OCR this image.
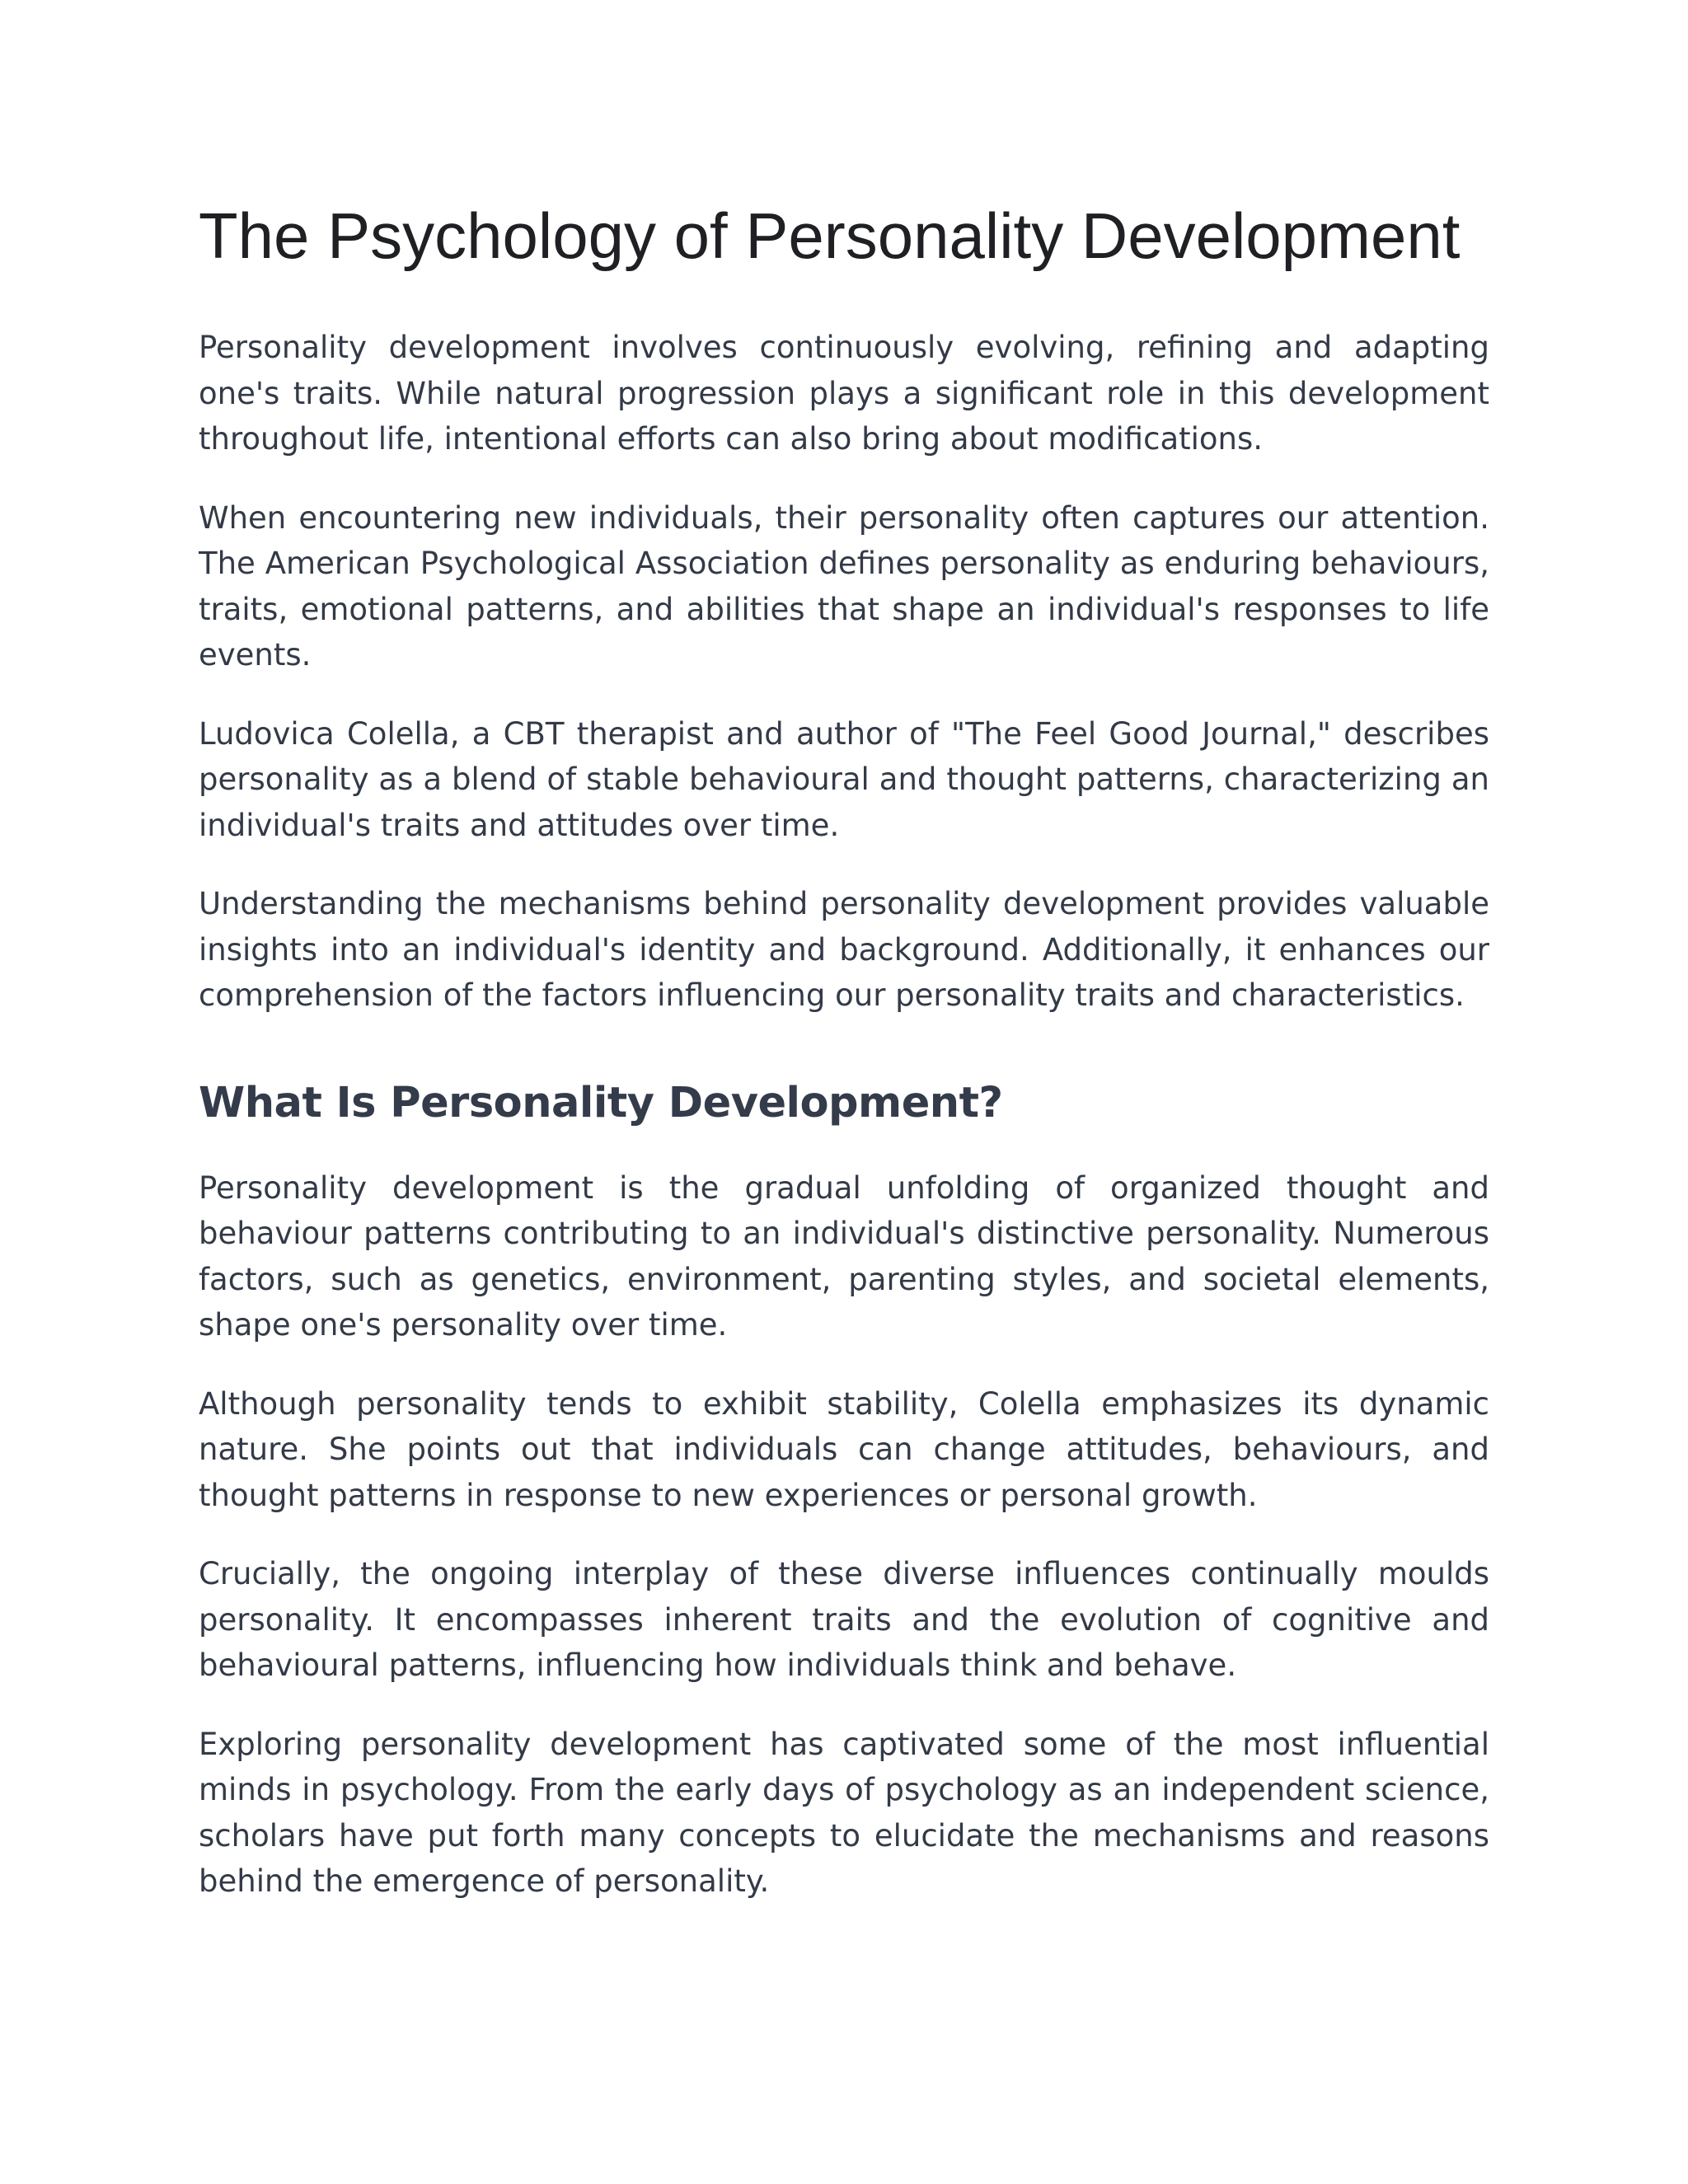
The Psychology of Personality Development

Personality development involves continuously evolving, refining and adapting one's traits. While natural progression plays a significant role in this development throughout life, intentional efforts can also bring about modifications.

When encountering new individuals, their personality often captures our attention. The American Psychological Association defines personality as enduring behaviours, traits, emotional patterns, and abilities that shape an individual's responses to life events.

Ludovica Colella, a CBT therapist and author of "The Feel Good Journal," describes personality as a blend of stable behavioural and thought patterns, characterizing an individual's traits and attitudes over time.

Understanding the mechanisms behind personality development provides valuable insights into an individual's identity and background. Additionally, it enhances our comprehension of the factors influencing our personality traits and characteristics.

What Is Personality Development?

Personality development is the gradual unfolding of organized thought and behaviour patterns contributing to an individual's distinctive personality. Numerous factors, such as genetics, environment, parenting styles, and societal elements, shape one's personality over time.

Although personality tends to exhibit stability, Colella emphasizes its dynamic nature. She points out that individuals can change attitudes, behaviours, and thought patterns in response to new experiences or personal growth.

Crucially, the ongoing interplay of these diverse influences continually moulds personality. It encompasses inherent traits and the evolution of cognitive and behavioural patterns, influencing how individuals think and behave.

Exploring personality development has captivated some of the most influential minds in psychology. From the early days of psychology as an independent science, scholars have put forth many concepts to elucidate the mechanisms and reasons behind the emergence of personality.
